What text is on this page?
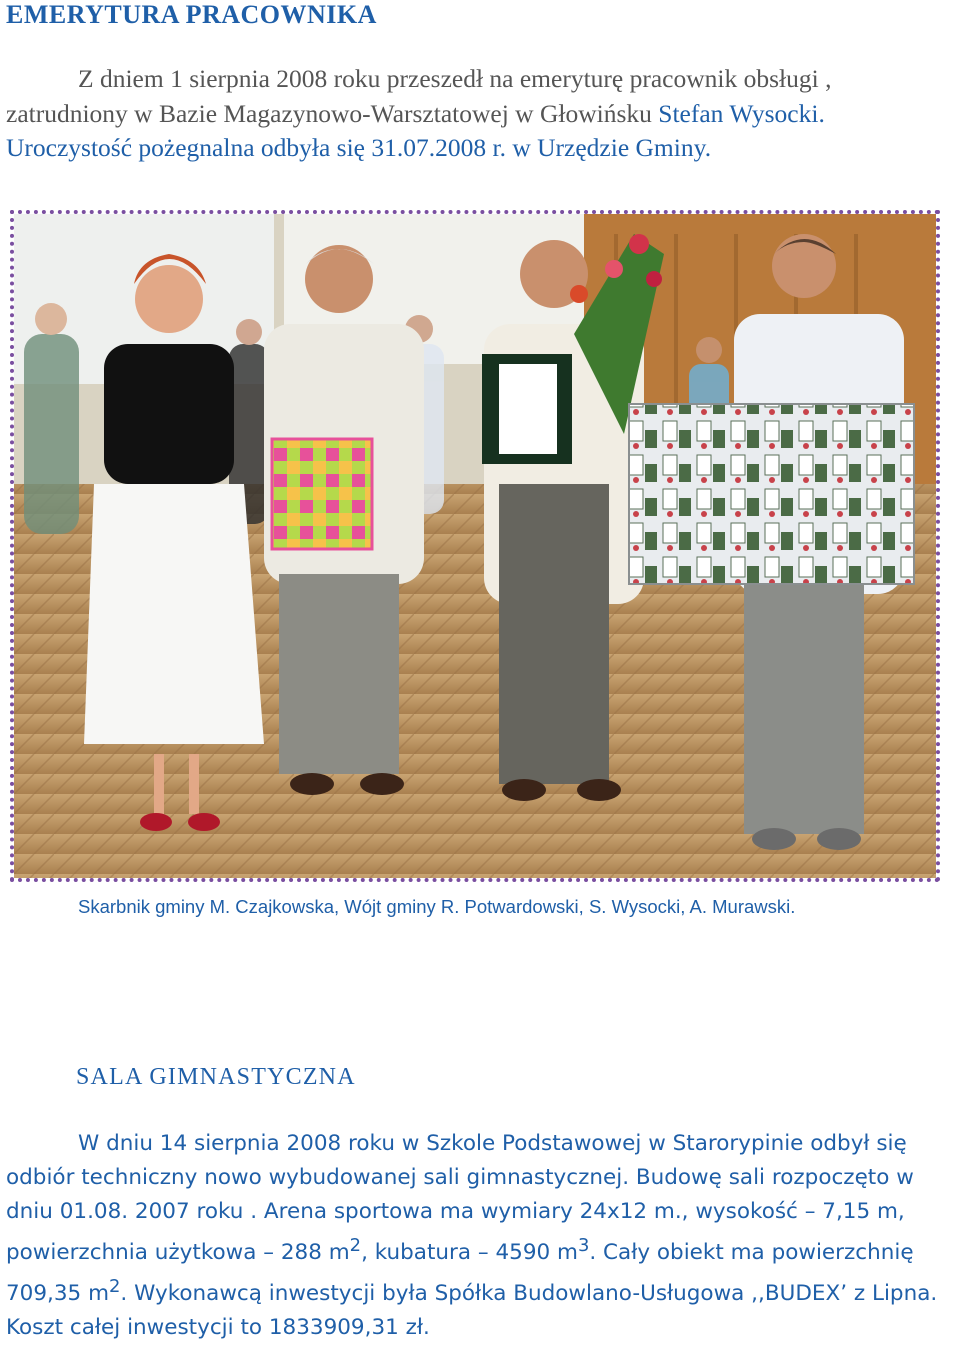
EMERYTURA PRACOWNIKA
Z dniem 1 sierpnia 2008 roku przeszedł na emeryturę pracownik obsługi , zatrudniony w Bazie Magazynowo-Warsztatowej w Głowińsku Stefan Wysocki.
Uroczystość pożegnalna odbyła się 31.07.2008 r. w Urzędzie Gminy.
Skarbnik gminy M. Czajkowska, Wójt gminy R. Potwardowski, S. Wysocki, A. Murawski.
SALA GIMNASTYCZNA
W dniu 14 sierpnia 2008 roku w Szkole Podstawowej w Starorypinie odbył się odbiór techniczny nowo wybudowanej sali gimnastycznej. Budowę sali rozpoczęto w dniu 01.08. 2007 roku . Arena sportowa ma wymiary 24x12 m., wysokość – 7,15 m, powierzchnia użytkowa – 288 $m^2$, kubatura – 4590 $m^3$. Cały obiekt ma powierzchnię 709,35 $m^2$. Wykonawcą inwestycji była Spółka Budowlano-Usługowa ,,BUDEX’ z Lipna. Koszt całej inwestycji to 1833909,31 zł.
